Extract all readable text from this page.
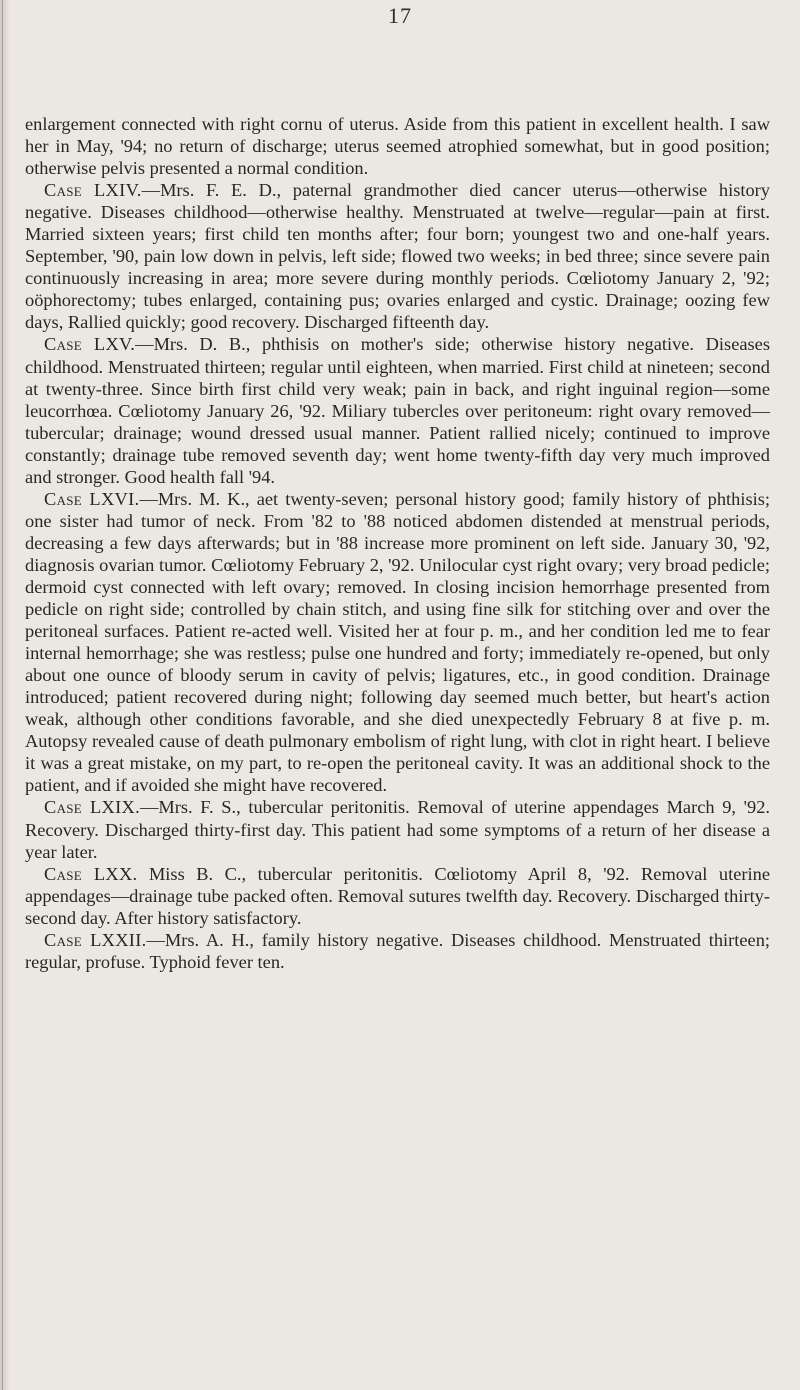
17

enlargement connected with right cornu of uterus. Aside from this patient in excellent health. I saw her in May, '94; no return of discharge; uterus seemed atrophied somewhat, but in good position; otherwise pelvis presented a normal condition.

Case LXIV.—Mrs. F. E. D., paternal grandmother died cancer uterus—otherwise history negative. Diseases childhood—otherwise healthy. Menstruated at twelve—regular—pain at first. Married sixteen years; first child ten months after; four born; youngest two and one-half years. September, '90, pain low down in pelvis, left side; flowed two weeks; in bed three; since severe pain continuously increasing in area; more severe during monthly periods. Cœliotomy January 2, '92; oöphorectomy; tubes enlarged, containing pus; ovaries enlarged and cystic. Drainage; oozing few days, Rallied quickly; good recovery. Discharged fifteenth day.

Case LXV.—Mrs. D. B., phthisis on mother's side; otherwise history negative. Diseases childhood. Menstruated thirteen; regular until eighteen, when married. First child at nineteen; second at twenty-three. Since birth first child very weak; pain in back, and right inguinal region—some leucorrhœa. Cœliotomy January 26, '92. Miliary tubercles over peritoneum: right ovary removed—tubercular; drainage; wound dressed usual manner. Patient rallied nicely; continued to improve constantly; drainage tube removed seventh day; went home twenty-fifth day very much improved and stronger. Good health fall '94.

Case LXVI.—Mrs. M. K., aet twenty-seven; personal history good; family history of phthisis; one sister had tumor of neck. From '82 to '88 noticed abdomen distended at menstrual periods, decreasing a few days afterwards; but in '88 increase more prominent on left side. January 30, '92, diagnosis ovarian tumor. Cœliotomy February 2, '92. Unilocular cyst right ovary; very broad pedicle; dermoid cyst connected with left ovary; removed. In closing incision hemorrhage presented from pedicle on right side; controlled by chain stitch, and using fine silk for stitching over and over the peritoneal surfaces. Patient re-acted well. Visited her at four p. m., and her condition led me to fear internal hemorrhage; she was restless; pulse one hundred and forty; immediately re-opened, but only about one ounce of bloody serum in cavity of pelvis; ligatures, etc., in good condition. Drainage introduced; patient recovered during night; following day seemed much better, but heart's action weak, although other conditions favorable, and she died unexpectedly February 8 at five p. m. Autopsy revealed cause of death pulmonary embolism of right lung, with clot in right heart. I believe it was a great mistake, on my part, to re-open the peritoneal cavity. It was an additional shock to the patient, and if avoided she might have recovered.

Case LXIX.—Mrs. F. S., tubercular peritonitis. Removal of uterine appendages March 9, '92. Recovery. Discharged thirty-first day. This patient had some symptoms of a return of her disease a year later.

Case LXX. Miss B. C., tubercular peritonitis. Cœliotomy April 8, '92. Removal uterine appendages—drainage tube packed often. Removal sutures twelfth day. Recovery. Discharged thirty-second day. After history satisfactory.

Case LXXII.—Mrs. A. H., family history negative. Diseases childhood. Menstruated thirteen; regular, profuse. Typhoid fever ten.
